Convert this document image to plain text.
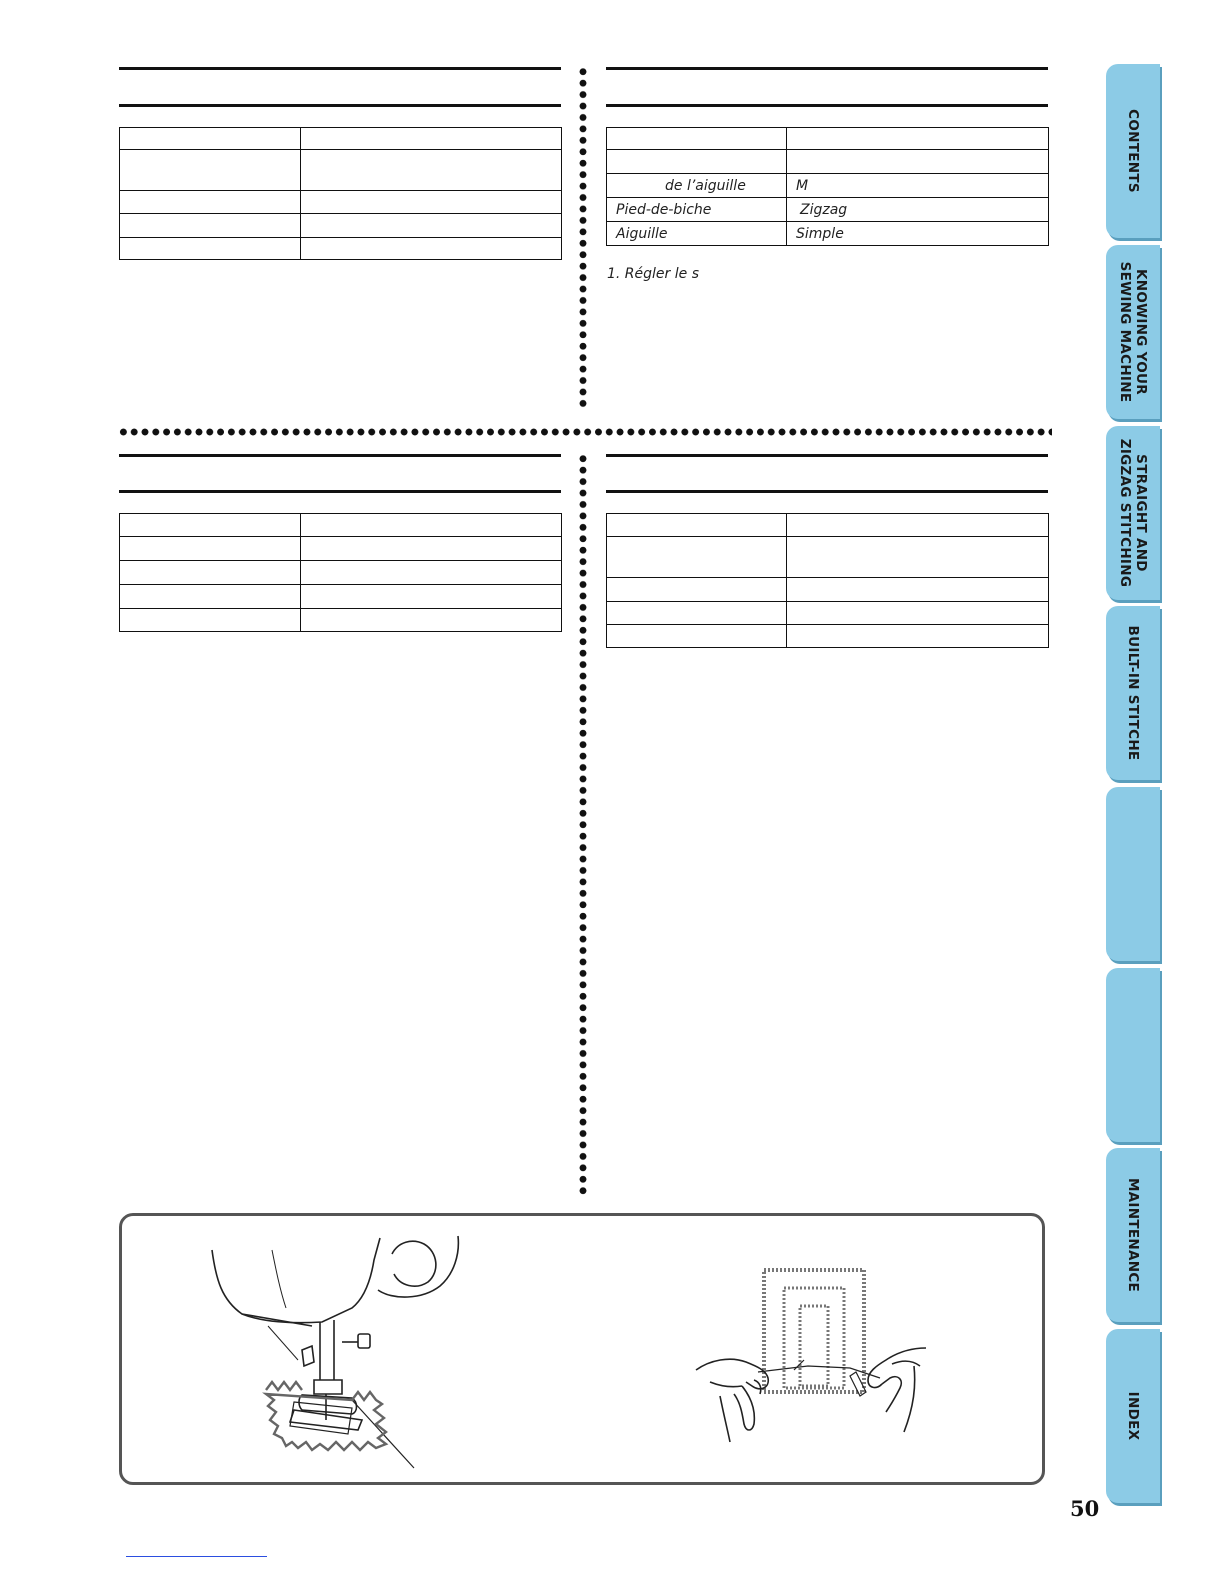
de l’aiguille	M
Pied-de-biche	Zigzag
Aiguille	Simple
1. Régler le s

CONTENTS
KNOWING YOUR
SEWING MACHINE
STRAIGHT AND
ZIGZAG STITCHING
BUILT-IN STITCHE
MAINTENANCE
INDEX
50
